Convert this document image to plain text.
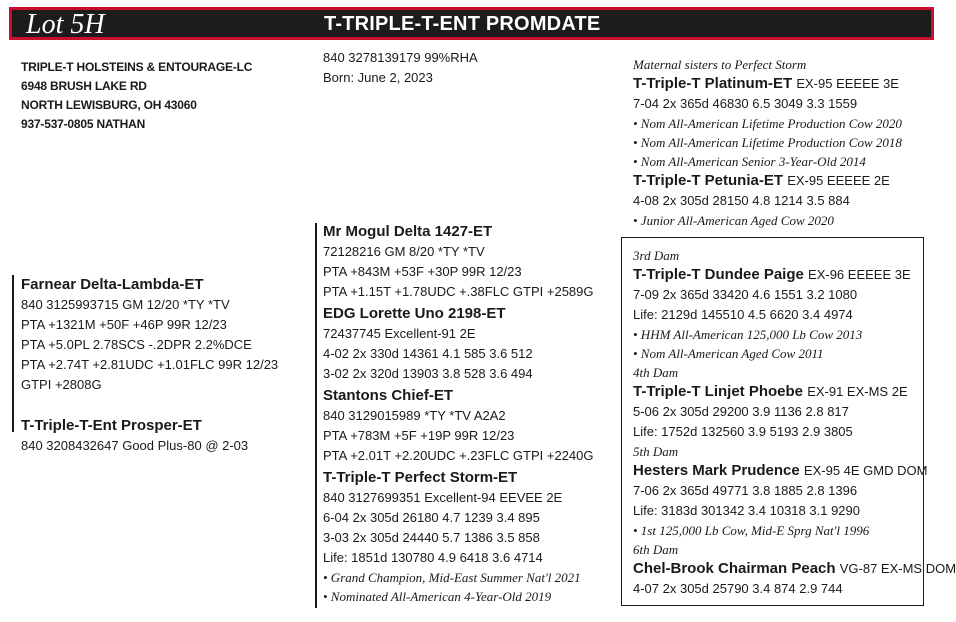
Lot 5H	T-TRIPLE-T-ENT PROMDATE
TRIPLE-T HOLSTEINS & ENTOURAGE-LC
6948 BRUSH LAKE RD
NORTH LEWISBURG, OH 43060
937-537-0805 NATHAN
840 3278139179 99%RHA
Born: June 2, 2023
Farnear Delta-Lambda-ET
840 3125993715 GM 12/20 *TY *TV
PTA +1321M +50F +46P 99R 12/23
PTA +5.0PL 2.78SCS -.2DPR 2.2%DCE
PTA +2.74T +2.81UDC +1.01FLC 99R 12/23
GTPI +2808G
T-Triple-T-Ent Prosper-ET
840 3208432647 Good Plus-80 @ 2-03
Mr Mogul Delta 1427-ET
72128216 GM 8/20 *TY *TV
PTA +843M +53F +30P 99R 12/23
PTA +1.15T +1.78UDC +.38FLC GTPI +2589G
EDG Lorette Uno 2198-ET
72437745 Excellent-91 2E
4-02 2x 330d 14361 4.1 585 3.6 512
3-02 2x 320d 13903 3.8 528 3.6 494
Stantons Chief-ET
840 3129015989 *TY *TV A2A2
PTA +783M +5F +19P 99R 12/23
PTA +2.01T +2.20UDC +.23FLC GTPI +2240G
T-Triple-T Perfect Storm-ET
840 3127699351 Excellent-94 EEVEE 2E
6-04 2x 305d 26180 4.7 1239 3.4 895
3-03 2x 305d 24440 5.7 1386 3.5 858
Life: 1851d 130780 4.9 6418 3.6 4714
• Grand Champion, Mid-East Summer Nat'l 2021
• Nominated All-American 4-Year-Old 2019
Maternal sisters to Perfect Storm
T-Triple-T Platinum-ET EX-95 EEEEE 3E
7-04 2x 365d 46830 6.5 3049 3.3 1559
• Nom All-American Lifetime Production Cow 2020
• Nom All-American Lifetime Production Cow 2018
• Nom All-American Senior 3-Year-Old 2014
T-Triple-T Petunia-ET EX-95 EEEEE 2E
4-08 2x 305d 28150 4.8 1214 3.5 884
• Junior All-American Aged Cow 2020
3rd Dam
T-Triple-T Dundee Paige EX-96 EEEEE 3E
7-09 2x 365d 33420 4.6 1551 3.2 1080
Life: 2129d 145510 4.5 6620 3.4 4974
• HHM All-American 125,000 Lb Cow 2013
• Nom All-American Aged Cow 2011
4th Dam
T-Triple-T Linjet Phoebe EX-91 EX-MS 2E
5-06 2x 305d 29200 3.9 1136 2.8 817
Life: 1752d 132560 3.9 5193 2.9 3805
5th Dam
Hesters Mark Prudence EX-95 4E GMD DOM
7-06 2x 365d 49771 3.8 1885 2.8 1396
Life: 3183d 301342 3.4 10318 3.1 9290
• 1st 125,000 Lb Cow, Mid-E Sprg Nat'l 1996
6th Dam
Chel-Brook Chairman Peach VG-87 EX-MS DOM
4-07 2x 305d 25790 3.4 874 2.9 744
